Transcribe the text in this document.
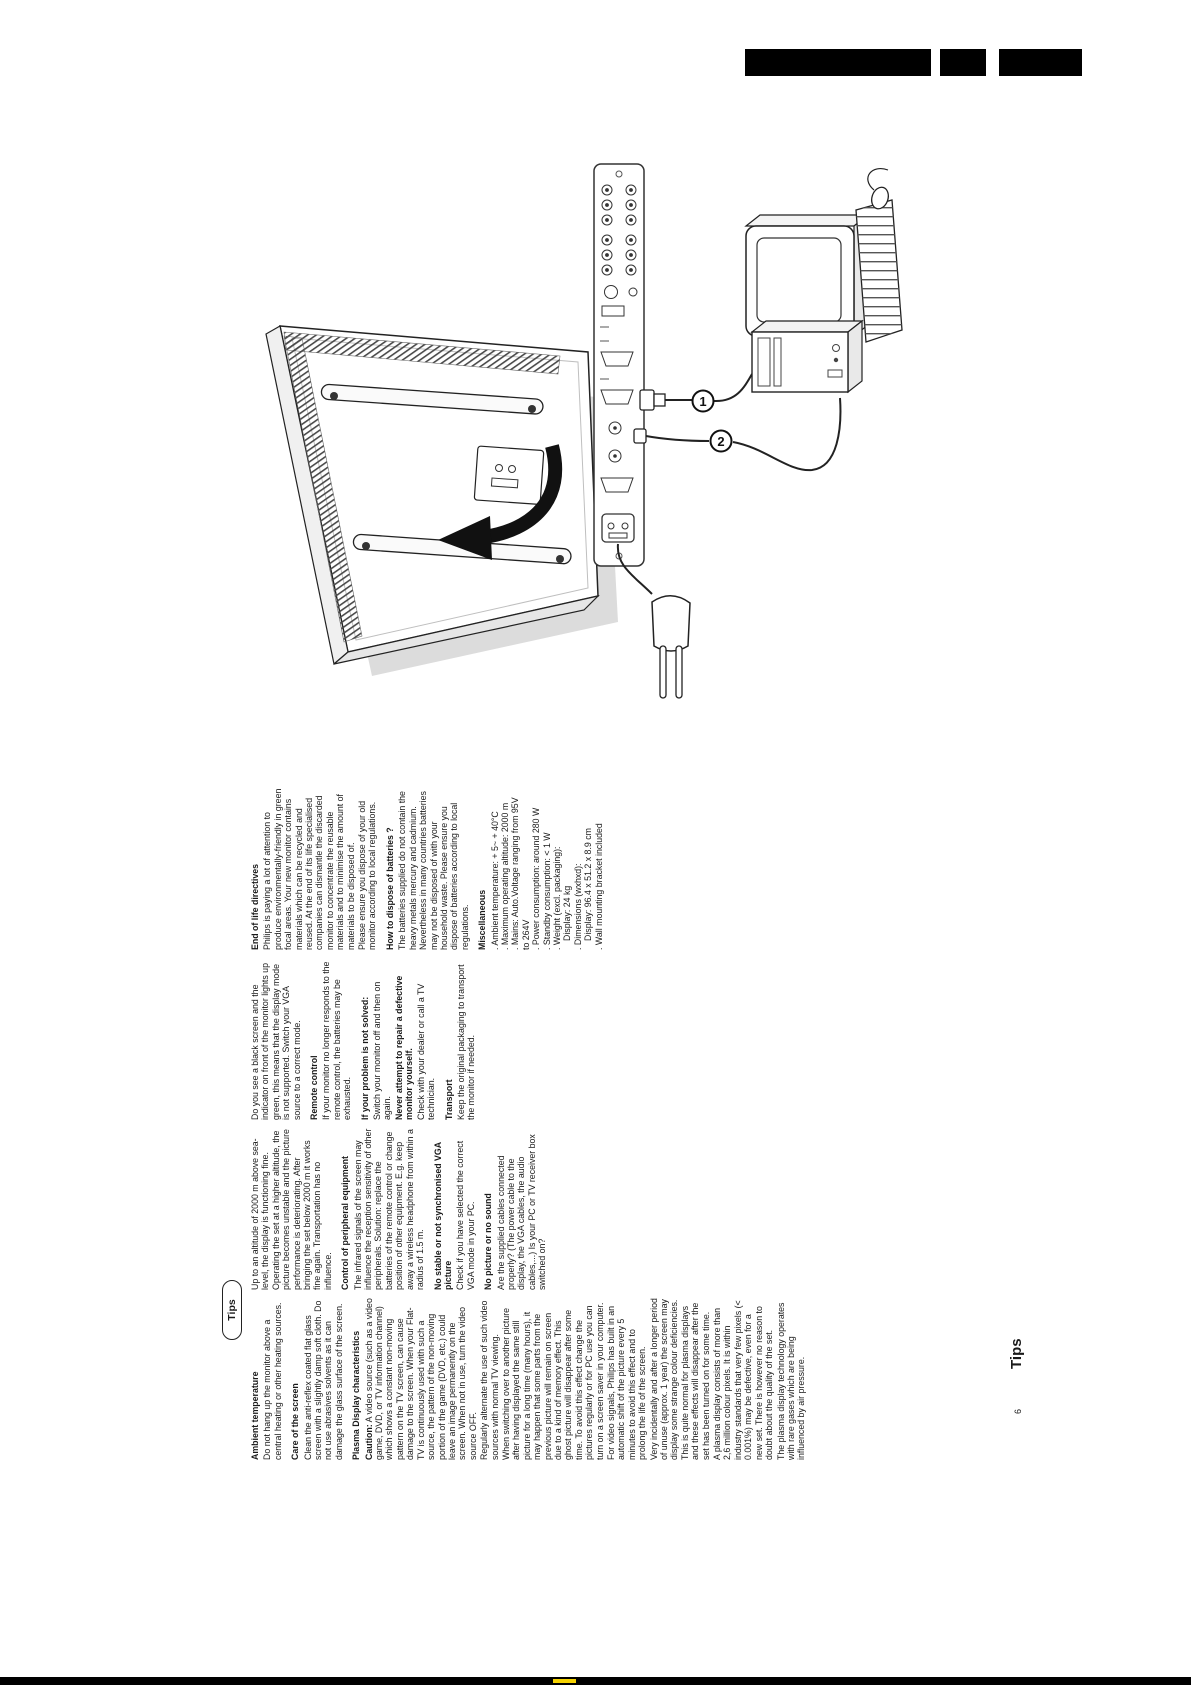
1
2
Tips
Ambient temperature Do not hang up the monitor above a central heating or other heating sources. Care of the screen Clean the anti-reflex coated flat glass screen with a slightly damp soft cloth. Do not use abrasives solvents as it can damage the glass surface of the screen. Plasma Display characteristics Caution: A video source (such as a video game, DVD, or TV information channel) which shows a constant non-moving pattern on the TV screen, can cause damage to the screen. When your Flat-TV is continuously used with such a source, the pattern of the non-moving portion of the game (DVD, etc.) could leave an image permanently on the screen. When not in use, turn the video source OFF. Regularly alternate the use of such video sources with normal TV viewing. When switching over to another picture after having displayed the same still picture for a long time (many hours), it may happen that some parts from the previous picture will remain on screen due to a kind of memory effect. This ghost picture will disappear after some time. To avoid this effect change the pictures regularly or for PC use you can turn on a screen saver in your computer. For video signals, Philips has built in an automatic shift of the picture every 5 minutes to avoid this effect and to prolong the life of the screen. Very incidentally and after a longer period of unuse (approx. 1 year) the screen may display some strange colour deficiencies. This is quite normal for plasma displays and these effects will disappear after the set has been turned on for some time. A plasma display consists of more than 2,6 million colour pixels. It is within industry standards that very few pixels (< 0.001%) may be defective, even for a new set. There is however no reason to doubt about the quality of the set. The plasma display technology operates with rare gases which are being influenced by air pressure.

Up to an altitude of 2000 m above sea-level, the display is functioning fine. Operating the set at a higher altitude, the picture becomes unstable and the picture performance is deteriorating. After bringing the set below 2000 m it works fine again. Transportation has no influence. Control of peripheral equipment The infrared signals of the screen may influence the reception sensitivity of other peripherals. Solution: replace the batteries of the remote control or change position of other equipment. E.g. keep away a wireless headphone from within a radius of 1.5 m. No stable or not synchronised VGA picture Check if you have selected the correct VGA mode in your PC. No picture or no sound Are the supplied cables connected properly? (The power cable to the display, the VGA cables, the audio cables,...) Is your PC or TV receiver box switched on?

Do you see a black screen and the indicator on front of the monitor lights up green, this means that the display mode is not supported. Switch your VGA source to a correct mode. Remote control If your monitor no longer responds to the remote control, the batteries may be exhausted. If your problem is not solved: Switch your monitor off and then on again. Never attempt to repair a defective monitor yourself. Check with your dealer or call a TV technician. Transport Keep the original packaging to transport the monitor if needed.

End of life directives Philips is paying a lot of attention to produce environmentally-friendly in green focal areas. Your new monitor contains materials which can be recycled and reused. At the end of its life specialised companies can dismantle the discarded monitor to concentrate the reusable materials and to minimise the amount of materials to be disposed of. Please ensure you dispose of your old monitor according to local regulations. How to dispose of batteries ? The batteries supplied do not contain the heavy metals mercury and cadmium. Nevertheless in many countries batteries may not be disposed of with your household waste. Please ensure you dispose of batteries according to local regulations. Miscellaneous . Ambient temperature: + 5~ + 40°C . Maximum operating altitude: 2000 m . Mains: Auto.Voltage ranging from 95V to 264V . Power consumption: around 280 W . Standby consumption: < 1 W . Weight (excl. packaging): Display: 24 kg . Dimensions (wxhxd): Display: 96.4 x 51.2 x 8.9 cm . Wall mounting bracket included
6
Tips
